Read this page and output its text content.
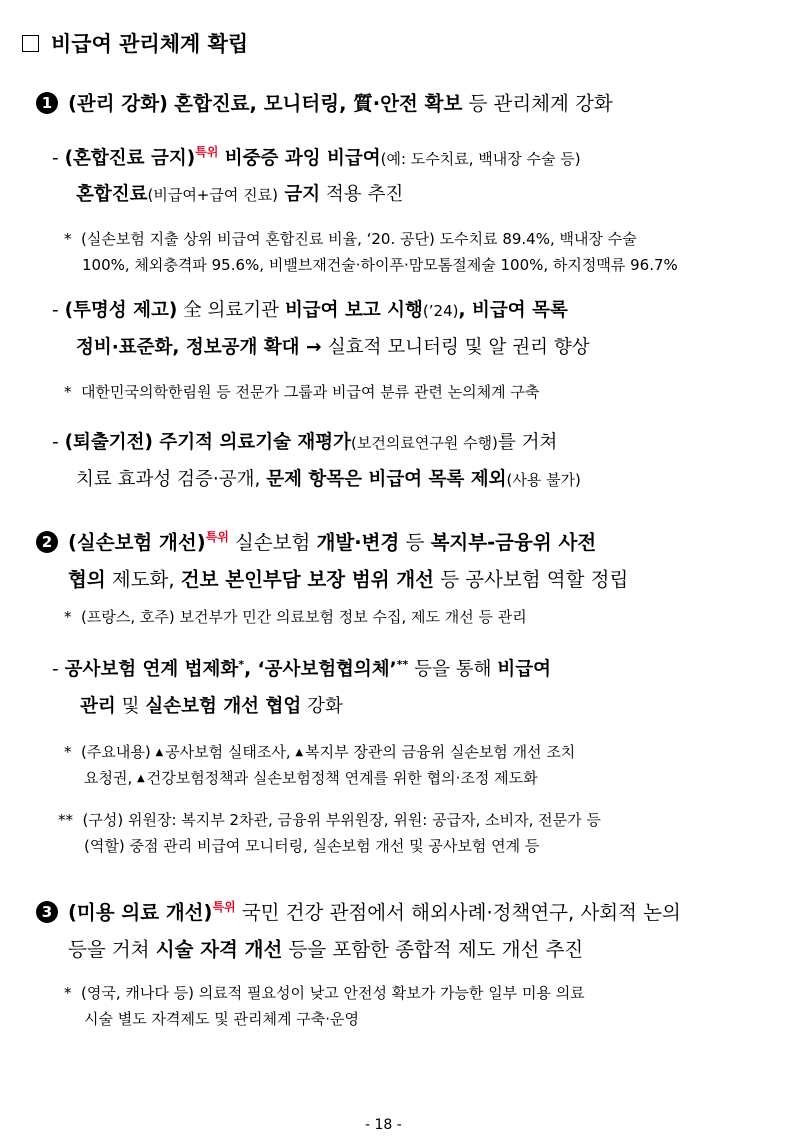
비급여 관리체계 확립
1 (관리 강화) 혼합진료, 모니터링, 質·안전 확보 등 관리체계 강화
- (혼합진료 금지)$^{특위}$ 비중증 과잉 비급여(예: 도수치료, 백내장 수술 등)
혼합진료(비급여+급여 진료) 금지 적용 추진
* (실손보험 지출 상위 비급여 혼합진료 비율, ‘20. 공단) 도수치료 89.4%, 백내장 수술
100%, 체외충격파 95.6%, 비밸브재건술·하이푸·맘모톰절제술 100%, 하지정맥류 96.7%
- (투명성 제고) 全 의료기관 비급여 보고 시행(’24), 비급여 목록
정비·표준화, 정보공개 확대 → 실효적 모니터링 및 알 권리 향상
* 대한민국의학한림원 등 전문가 그룹과 비급여 분류 관련 논의체계 구축
- (퇴출기전) 주기적 의료기술 재평가(보건의료연구원 수행)를 거쳐
치료 효과성 검증·공개, 문제 항목은 비급여 목록 제외(사용 불가)
2 (실손보험 개선)$^{특위}$ 실손보험 개발·변경 등 복지부-금융위 사전
협의 제도화, 건보 본인부담 보장 범위 개선 등 공사보험 역할 정립
* (프랑스, 호주) 보건부가 민간 의료보험 정보 수집, 제도 개선 등 관리
- 공사보험 연계 법제화*, ‘공사보험협의체’** 등을 통해 비급여
관리 및 실손보험 개선 협업 강화
* (주요내용) ▲ 공사보험 실태조사, ▲ 복지부 장관의 금융위 실손보험 개선 조치
요청권, ▲ 건강보험정책과 실손보험정책 연계를 위한 협의·조정 제도화
** (구성) 위원장: 복지부 2차관, 금융위 부위원장, 위원: 공급자, 소비자, 전문가 등
(역할) 중점 관리 비급여 모니터링, 실손보험 개선 및 공사보험 연계 등
3 (미용 의료 개선)$^{특위}$ 국민 건강 관점에서 해외사례·정책연구, 사회적 논의
등을 거쳐 시술 자격 개선 등을 포함한 종합적 제도 개선 추진
* (영국, 캐나다 등) 의료적 필요성이 낮고 안전성 확보가 가능한 일부 미용 의료
시술 별도 자격제도 및 관리체계 구축·운영
- 18 -
